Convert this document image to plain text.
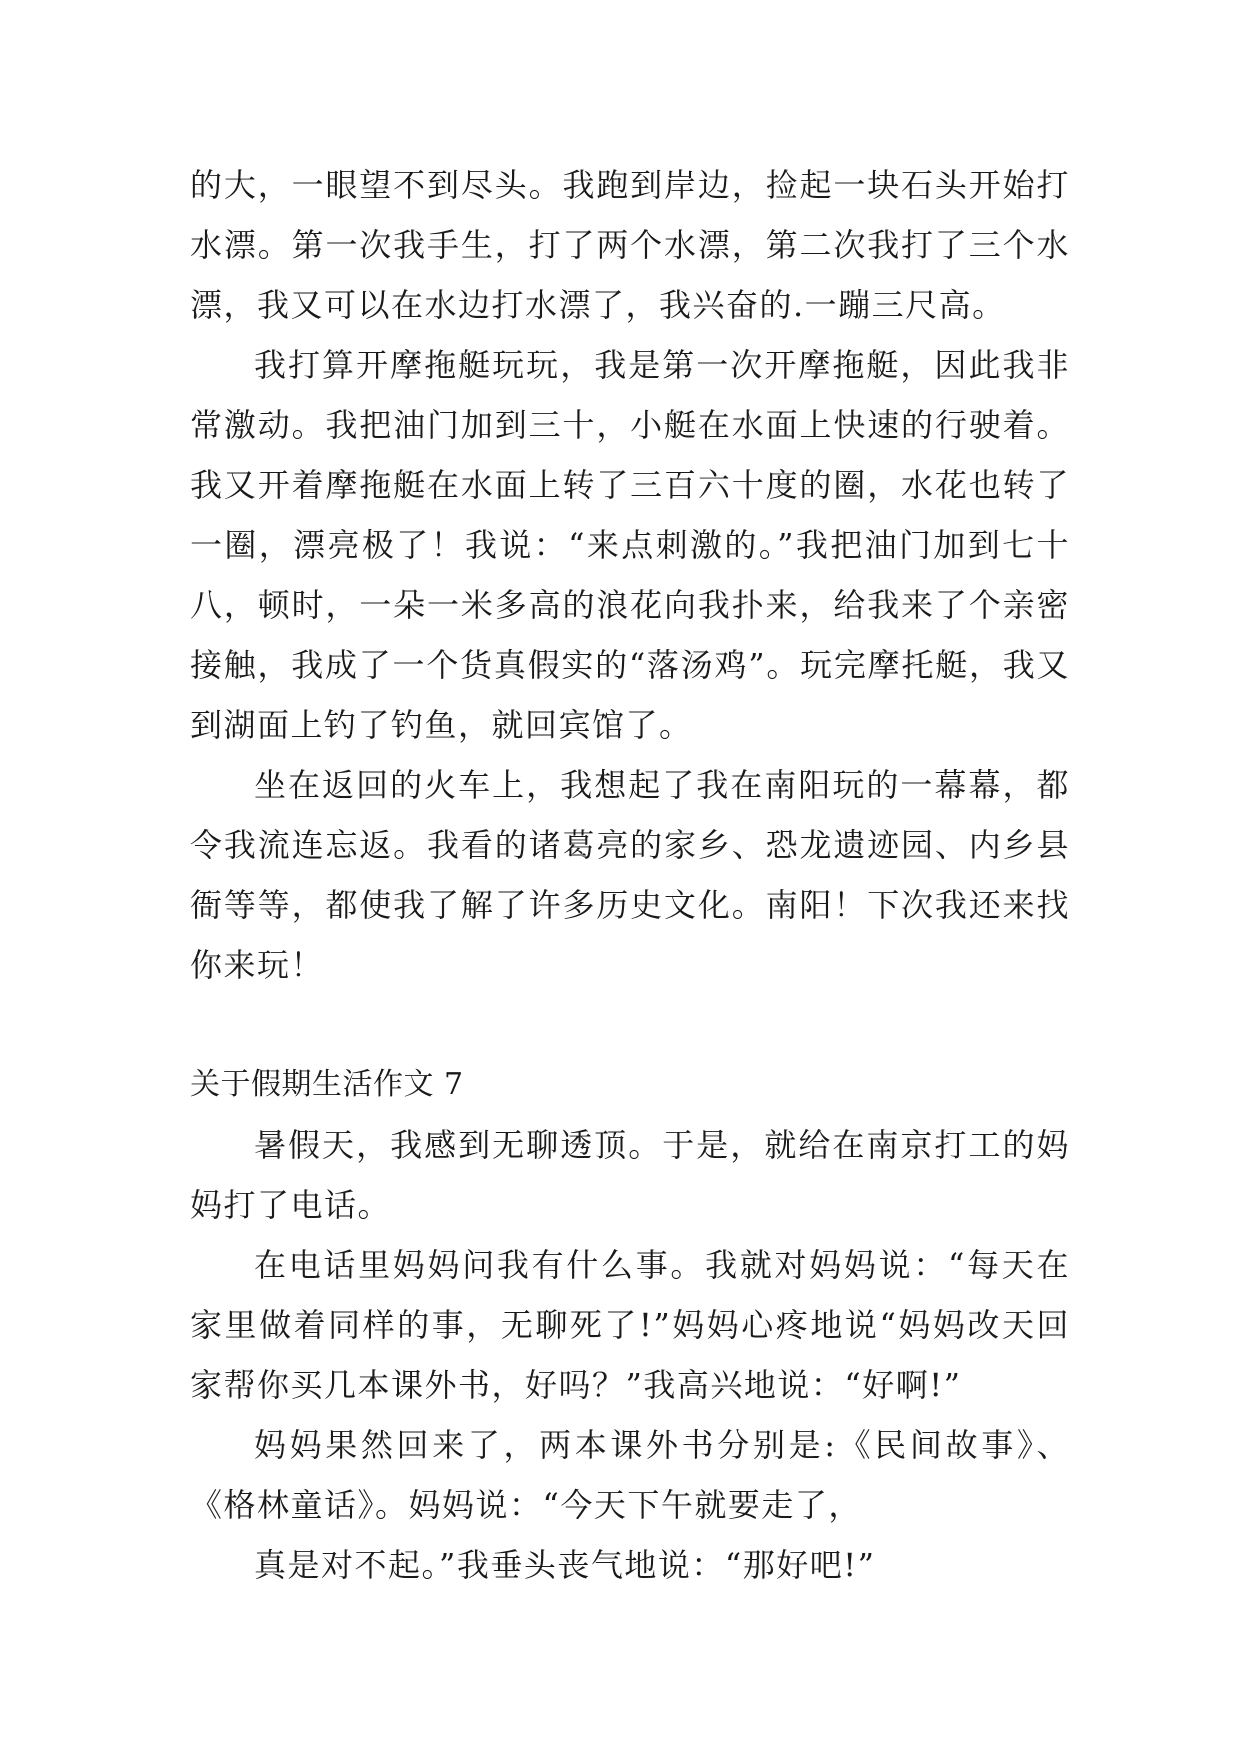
的大，一眼望不到尽头。我跑到岸边，捡起一块石头开始打水漂。第一次我手生，打了两个水漂，第二次我打了三个水漂，我又可以在水边打水漂了，我兴奋的.一蹦三尺高。

我打算开摩拖艇玩玩，我是第一次开摩拖艇，因此我非常激动。我把油门加到三十，小艇在水面上快速的行驶着。我又开着摩拖艇在水面上转了三百六十度的圈，水花也转了一圈，漂亮极了！我说：“来点刺激的。”我把油门加到七十八，顿时，一朵一米多高的浪花向我扑来，给我来了个亲密接触，我成了一个货真假实的“落汤鸡”。玩完摩托艇，我又到湖面上钓了钓鱼，就回宾馆了。

坐在返回的火车上，我想起了我在南阳玩的一幕幕，都令我流连忘返。我看的诸葛亮的家乡、恐龙遗迹园、内乡县衙等等，都使我了解了许多历史文化。南阳！下次我还来找你来玩！

关于假期生活作文 7

暑假天，我感到无聊透顶。于是，就给在南京打工的妈妈打了电话。

在电话里妈妈问我有什么事。我就对妈妈说：“每天在家里做着同样的事，无聊死了!”妈妈心疼地说“妈妈改天回家帮你买几本课外书，好吗？”我高兴地说：“好啊!”

妈妈果然回来了，两本课外书分别是:《民间故事》、《格林童话》。妈妈说：“今天下午就要走了，

真是对不起。”我垂头丧气地说：“那好吧!”
